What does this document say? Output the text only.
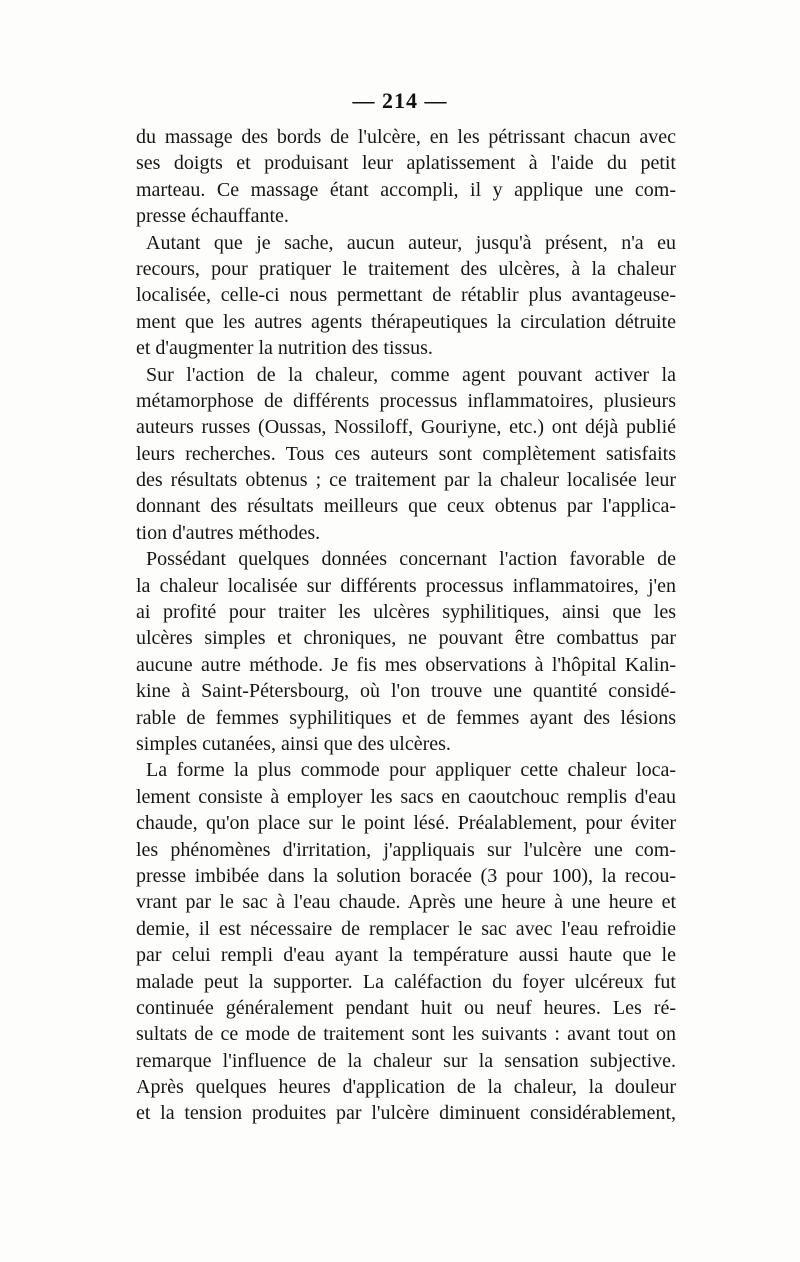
— 214 —
du massage des bords de l'ulcère, en les pétrissant chacun avec
ses doigts et produisant leur aplatissement à l'aide du petit
marteau. Ce massage étant accompli, il y applique une com-
presse échauffante.
Autant que je sache, aucun auteur, jusqu'à présent, n'a eu
recours, pour pratiquer le traitement des ulcères, à la chaleur
localisée, celle-ci nous permettant de rétablir plus avantageuse-
ment que les autres agents thérapeutiques la circulation détruite
et d'augmenter la nutrition des tissus.
Sur l'action de la chaleur, comme agent pouvant activer la
métamorphose de différents processus inflammatoires, plusieurs
auteurs russes (Oussas, Nossiloff, Gouriyne, etc.) ont déjà publié
leurs recherches. Tous ces auteurs sont complètement satisfaits
des résultats obtenus ; ce traitement par la chaleur localisée leur
donnant des résultats meilleurs que ceux obtenus par l'applica-
tion d'autres méthodes.
Possédant quelques données concernant l'action favorable de
la chaleur localisée sur différents processus inflammatoires, j'en
ai profité pour traiter les ulcères syphilitiques, ainsi que les
ulcères simples et chroniques, ne pouvant être combattus par
aucune autre méthode. Je fis mes observations à l'hôpital Kalin-
kine à Saint-Pétersbourg, où l'on trouve une quantité considé-
rable de femmes syphilitiques et de femmes ayant des lésions
simples cutanées, ainsi que des ulcères.
La forme la plus commode pour appliquer cette chaleur loca-
lement consiste à employer les sacs en caoutchouc remplis d'eau
chaude, qu'on place sur le point lésé. Préalablement, pour éviter
les phénomènes d'irritation, j'appliquais sur l'ulcère une com-
presse imbibée dans la solution boracée (3 pour 100), la recou-
vrant par le sac à l'eau chaude. Après une heure à une heure et
demie, il est nécessaire de remplacer le sac avec l'eau refroidie
par celui rempli d'eau ayant la température aussi haute que le
malade peut la supporter. La caléfaction du foyer ulcéreux fut
continuée généralement pendant huit ou neuf heures. Les ré-
sultats de ce mode de traitement sont les suivants : avant tout on
remarque l'influence de la chaleur sur la sensation subjective.
Après quelques heures d'application de la chaleur, la douleur
et la tension produites par l'ulcère diminuent considérablement,
